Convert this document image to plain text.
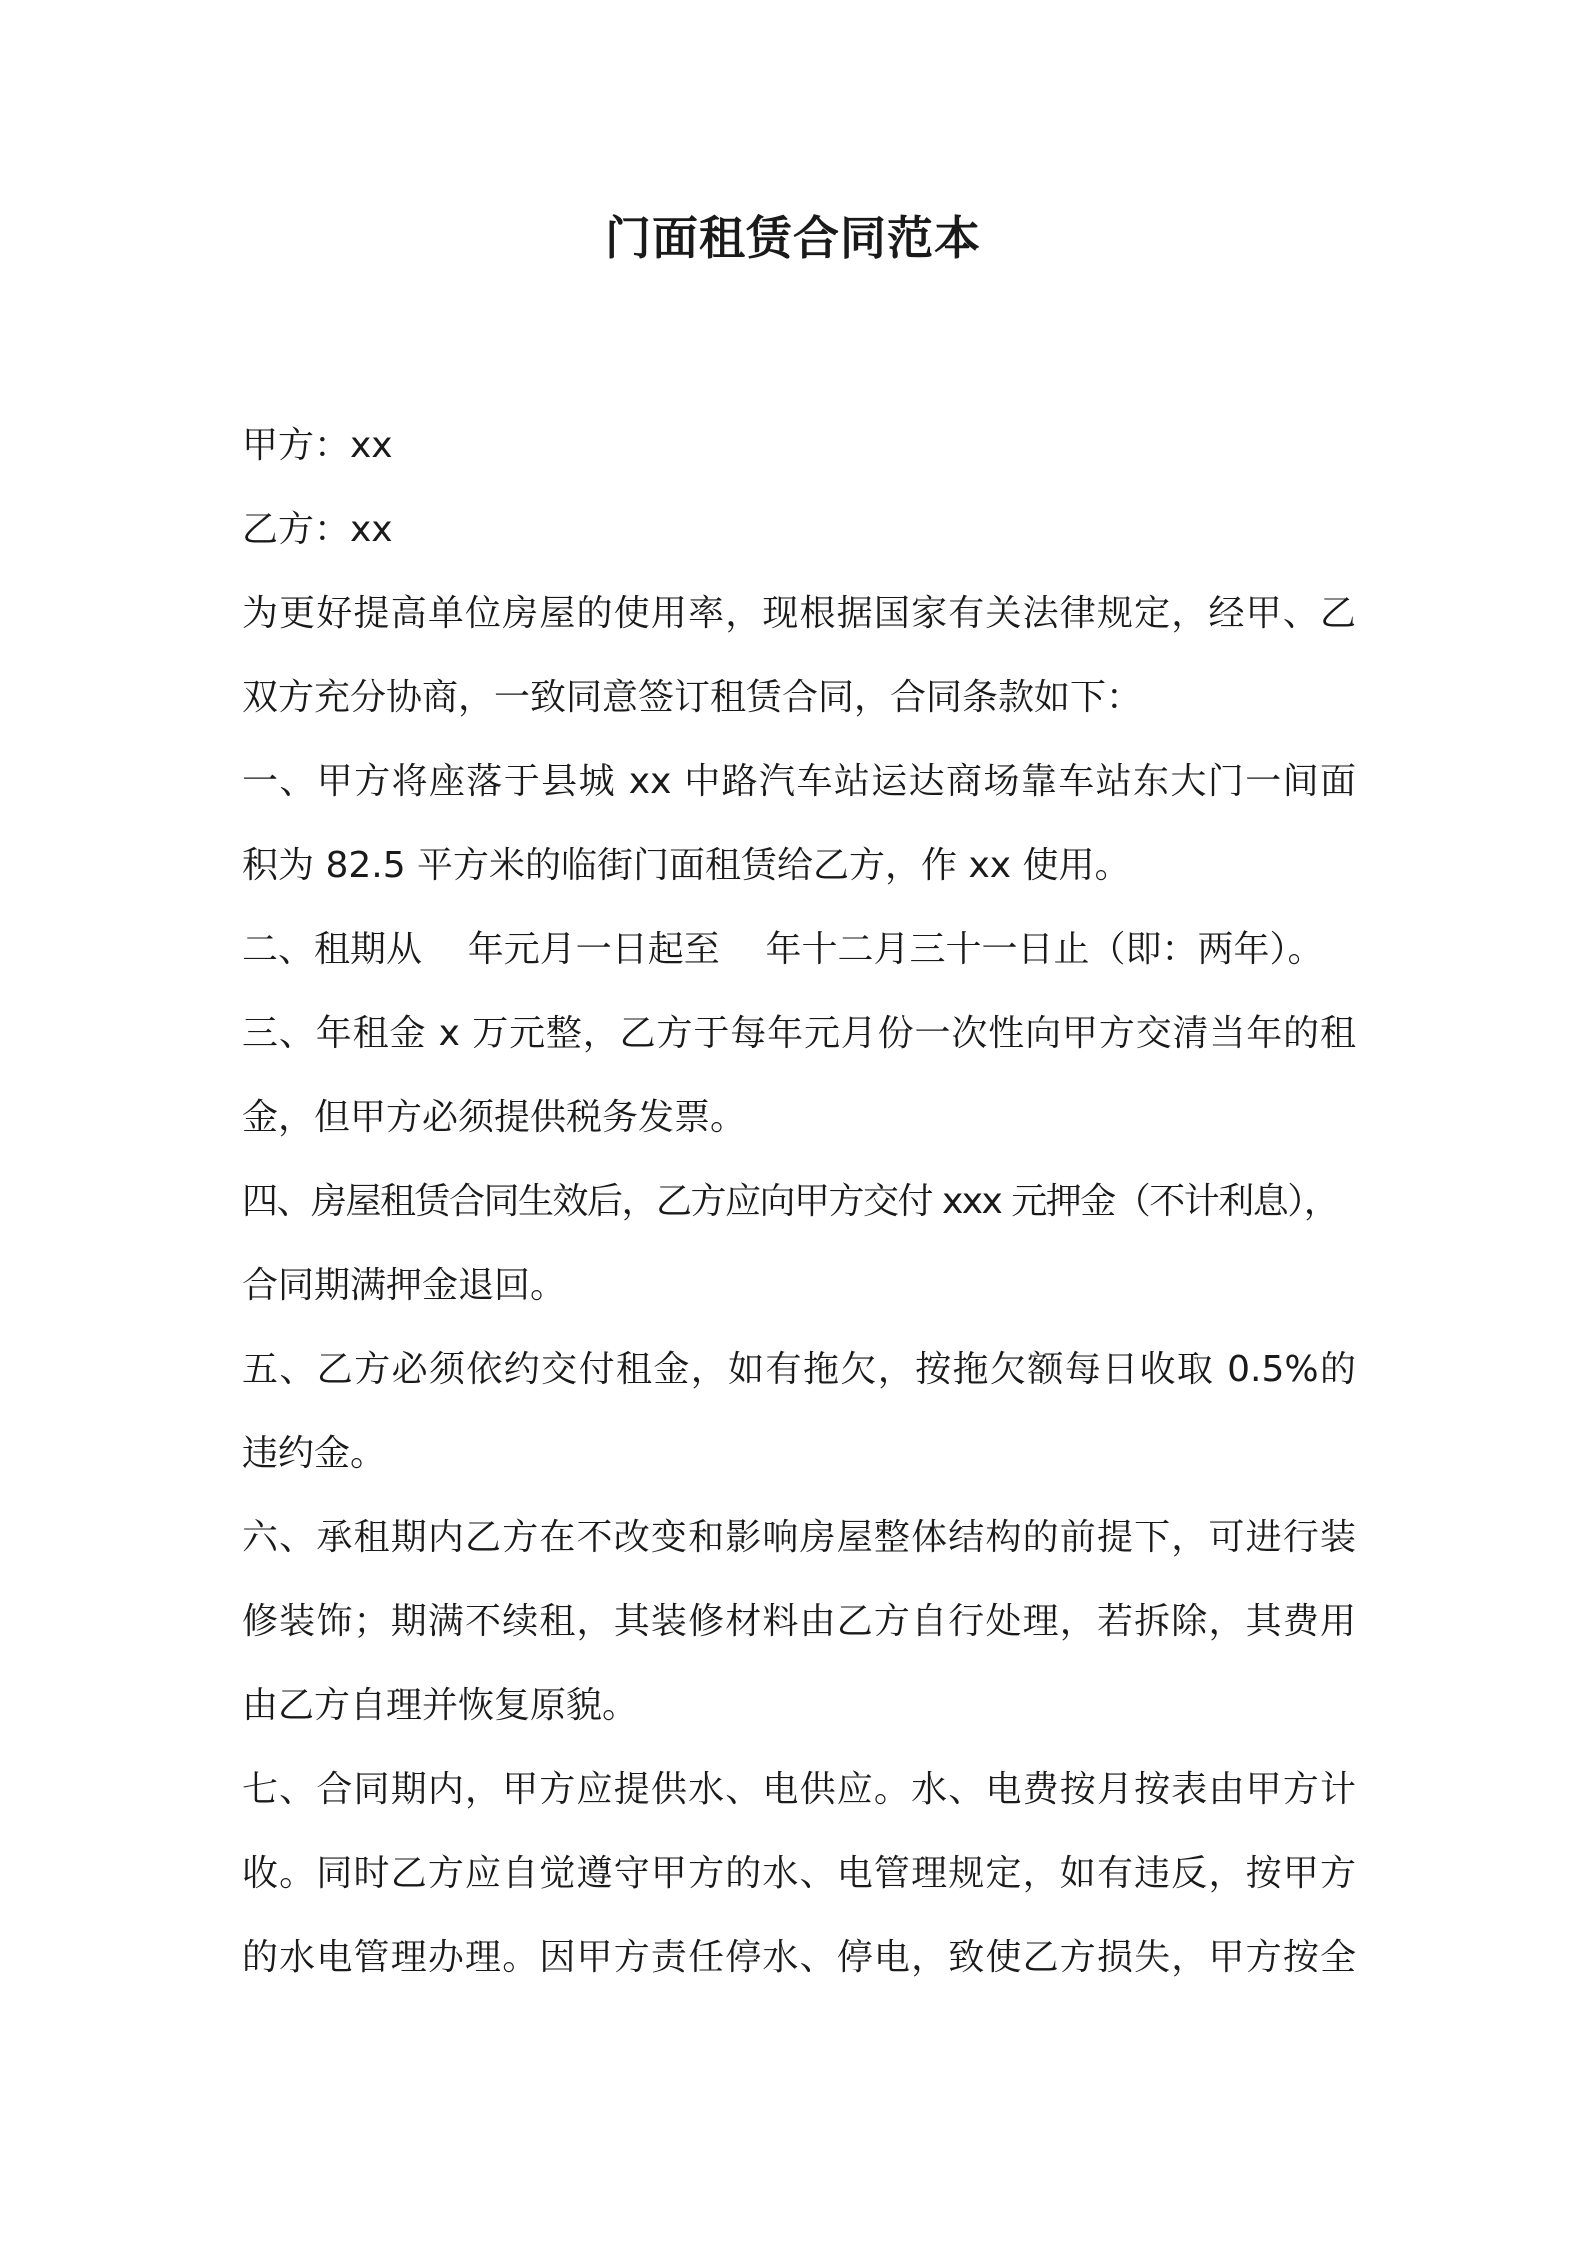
门面租赁合同范本
甲方：xx
乙方：xx
为更好提高单位房屋的使用率，现根据国家有关法律规定，经甲、乙
双方充分协商，一致同意签订租赁合同，合同条款如下：
一、甲方将座落于县城 xx 中路汽车站运达商场靠车站东大门一间面
积为 82.5 平方米的临街门面租赁给乙方，作 xx 使用。
二、租期从    年元月一日起至    年十二月三十一日止（即：两年）。
三、年租金 x 万元整，乙方于每年元月份一次性向甲方交清当年的租
金，但甲方必须提供税务发票。
四、房屋租赁合同生效后，乙方应向甲方交付 xxx 元押金（不计利息），
合同期满押金退回。
五、乙方必须依约交付租金，如有拖欠，按拖欠额每日收取 0.5%的
违约金。
六、承租期内乙方在不改变和影响房屋整体结构的前提下，可进行装
修装饰；期满不续租，其装修材料由乙方自行处理，若拆除，其费用
由乙方自理并恢复原貌。
七、合同期内，甲方应提供水、电供应。水、电费按月按表由甲方计
收。同时乙方应自觉遵守甲方的水、电管理规定，如有违反，按甲方
的水电管理办理。因甲方责任停水、停电，致使乙方损失，甲方按全
